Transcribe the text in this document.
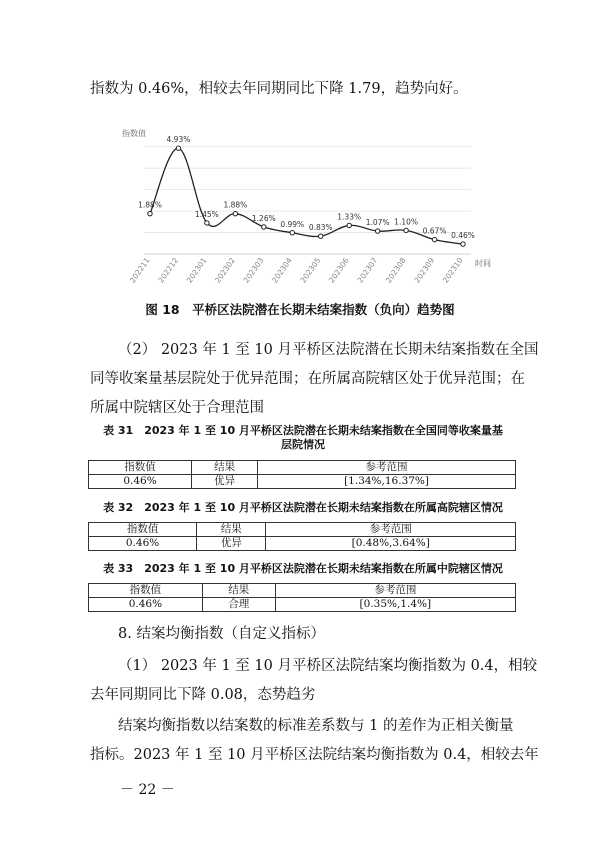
指数为 0.46%，相较去年同期同比下降 1.79，趋势向好。
指数值
时间
1.88%
4.93%
1.45%
1.88%
1.26%
0.99% 0.83%
1.33%
1.07% 1.10%
0.67%
0.46%
202211 202212 202301 202302 202303 202304 202305 202306 202307 202308 202309 202310
图 18　平桥区法院潜在长期未结案指数（负向）趋势图
（2） 2023 年 1 至 10 月平桥区法院潜在长期未结案指数在全国
同等收案量基层院处于优异范围；在所属高院辖区处于优异范围；在
所属中院辖区处于合理范围
表 31　2023 年 1 至 10 月平桥区法院潜在长期未结案指数在全国同等收案量基
层院情况
指数值	结果	参考范围
0.46%	优异	[1.34%,16.37%]
表 32　2023 年 1 至 10 月平桥区法院潜在长期未结案指数在所属高院辖区情况
指数值	结果	参考范围
0.46%	优异	[0.48%,3.64%]
表 33　2023 年 1 至 10 月平桥区法院潜在长期未结案指数在所属中院辖区情况
指数值	结果	参考范围
0.46%	合理	[0.35%,1.4%]
8. 结案均衡指数（自定义指标）
（1） 2023 年 1 至 10 月平桥区法院结案均衡指数为 0.4，相较
去年同期同比下降 0.08，态势趋劣
结案均衡指数以结案数的标准差系数与 1 的差作为正相关衡量
指标。2023 年 1 至 10 月平桥区法院结案均衡指数为 0.4，相较去年
－ 22 －
